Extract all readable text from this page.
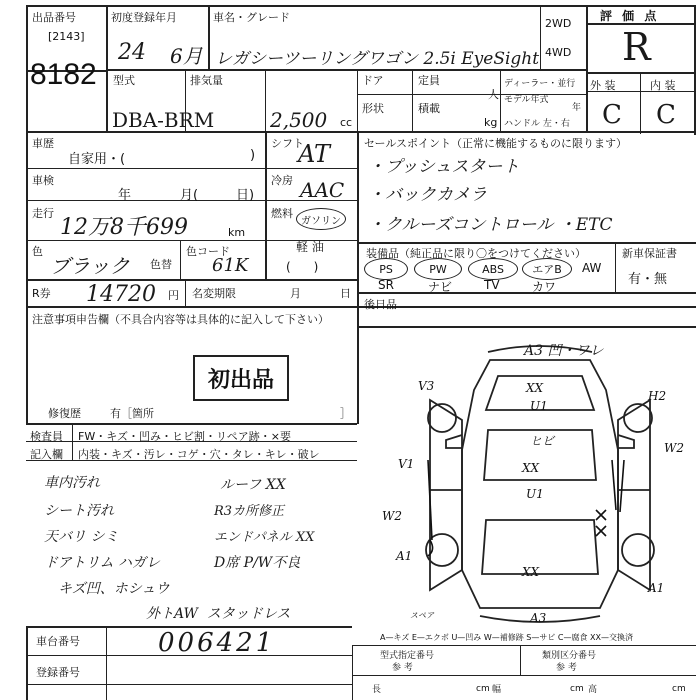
出品番号
[2143]
8182
初度登録年月
24 6月
車名・グレード
レガシーツーリングワゴン 2.5i EyeSight
2WD
4WD
評 価 点
R
型式
DBA-BRM
排気量
2,500 cc
ドア	定員
人
ディーラー・並行
形状	積載
kg
モデル年式
年
ハンドル 左・右
外 装	内 装
C C
車歴
自家用・(	)
シフト
AT
車検
年	月(	日)
冷房 AAC
走行
12万8千699	km
燃料
ガソリン
軽 油
(      )
色
ブラック 色替
色コード
61K
R券 14720 円 名変期限	月	日
セールスポイント（正常に機能するものに限ります）
・プッシュスタート
・バックカメラ
・クルーズコントロール ・ETC
装備品（純正品に限り〇をつけてください）	新車保証書
有・無
PS	PW	ABS	エアB	AW
SR	ナビ	TV	カワ
後日品
注意事項申告欄（不具合内容等は具体的に記入して下さい）
初出品
修復歴	有［箇所	］
検査員
記入欄
FW・キズ・凹み・ヒビ割・リペア跡・×要
内装・キズ・汚レ・コゲ・穴・タレ・キレ・破レ
車内汚れ
シート汚れ
天バリ シミ
ドアトリム ハガレ
キズ凹、ホシュウ
ルーフ XX
R3カ所修正
エンドパネル XX
D席 P/W不良
外トAW  スタッドレス
V3
H2
XX
U1
ヒビ	W2
XX
U1
V1
W2
A1
XX
A1
A3
スペア
A3 凹・ワレ
A—キズ E—エクボ U—凹み W—補修跡 S—サビ C—腐食 XX—交換済
車台番号	006421
登録番号
型式指定番号
参 考
類別区分番号
参 考
長	cm 幅	cm 高	cm
